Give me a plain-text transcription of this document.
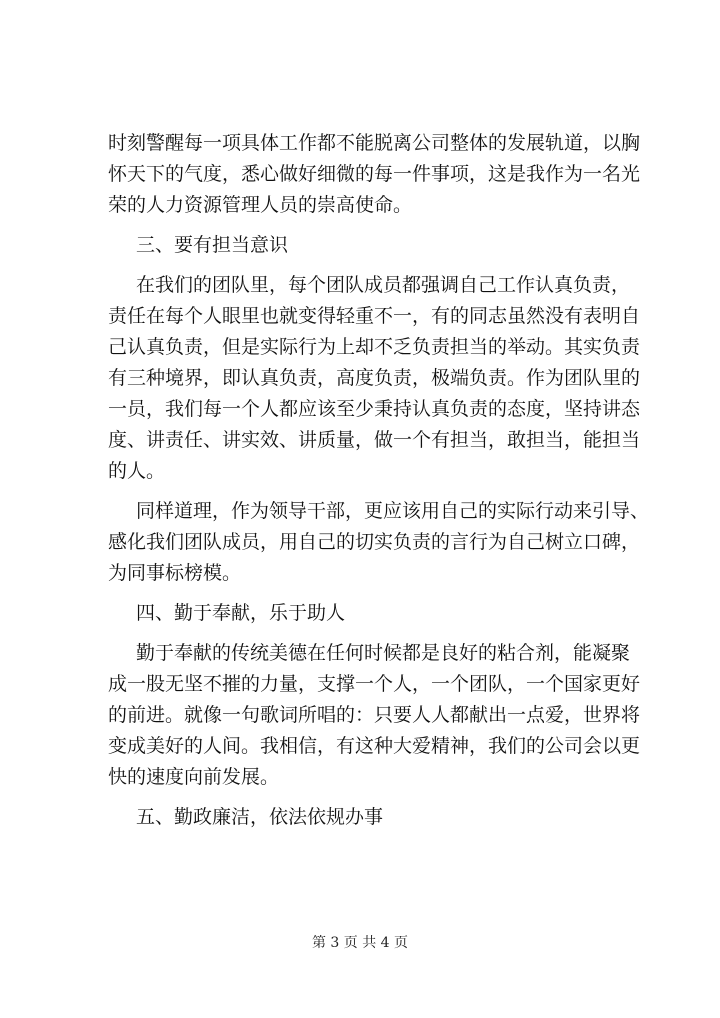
时刻警醒每一项具体工作都不能脱离公司整体的发展轨道，以胸
怀天下的气度，悉心做好细微的每一件事项，这是我作为一名光
荣的人力资源管理人员的崇高使命。

三、要有担当意识

在我们的团队里，每个团队成员都强调自己工作认真负责，
责任在每个人眼里也就变得轻重不一，有的同志虽然没有表明自
己认真负责，但是实际行为上却不乏负责担当的举动。其实负责
有三种境界，即认真负责，高度负责，极端负责。作为团队里的
一员，我们每一个人都应该至少秉持认真负责的态度，坚持讲态
度、讲责任、讲实效、讲质量，做一个有担当，敢担当，能担当
的人。

同样道理，作为领导干部，更应该用自己的实际行动来引导、
感化我们团队成员，用自己的切实负责的言行为自己树立口碑，
为同事标榜模。

四、勤于奉献，乐于助人

勤于奉献的传统美德在任何时候都是良好的粘合剂，能凝聚
成一股无坚不摧的力量，支撑一个人，一个团队，一个国家更好
的前进。就像一句歌词所唱的：只要人人都献出一点爱，世界将
变成美好的人间。我相信，有这种大爱精神，我们的公司会以更
快的速度向前发展。

五、勤政廉洁，依法依规办事
第 3 页 共 4 页
